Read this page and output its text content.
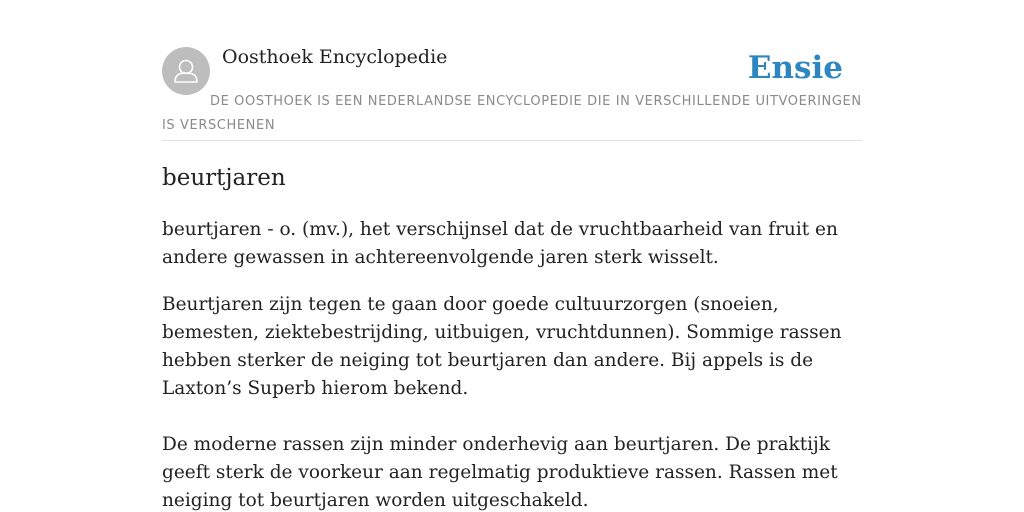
Oosthoek Encyclopedie	Ensie
DE OOSTHOEK IS EEN NEDERLANDSE ENCYCLOPEDIE DIE IN VERSCHILLENDE UITVOERINGEN IS VERSCHENEN
beurtjaren

beurtjaren - o. (mv.), het verschijnsel dat de vruchtbaarheid van fruit en andere gewassen in achtereenvolgende jaren sterk wisselt.

Beurtjaren zijn tegen te gaan door goede cultuurzorgen (snoeien, bemesten, ziektebestrijding, uitbuigen, vruchtdunnen). Sommige rassen hebben sterker de neiging tot beurtjaren dan andere. Bij appels is de Laxton’s Superb hierom bekend.

De moderne rassen zijn minder onderhevig aan beurtjaren. De praktijk geeft sterk de voorkeur aan regelmatig produktieve rassen. Rassen met neiging tot beurtjaren worden uitgeschakeld.
